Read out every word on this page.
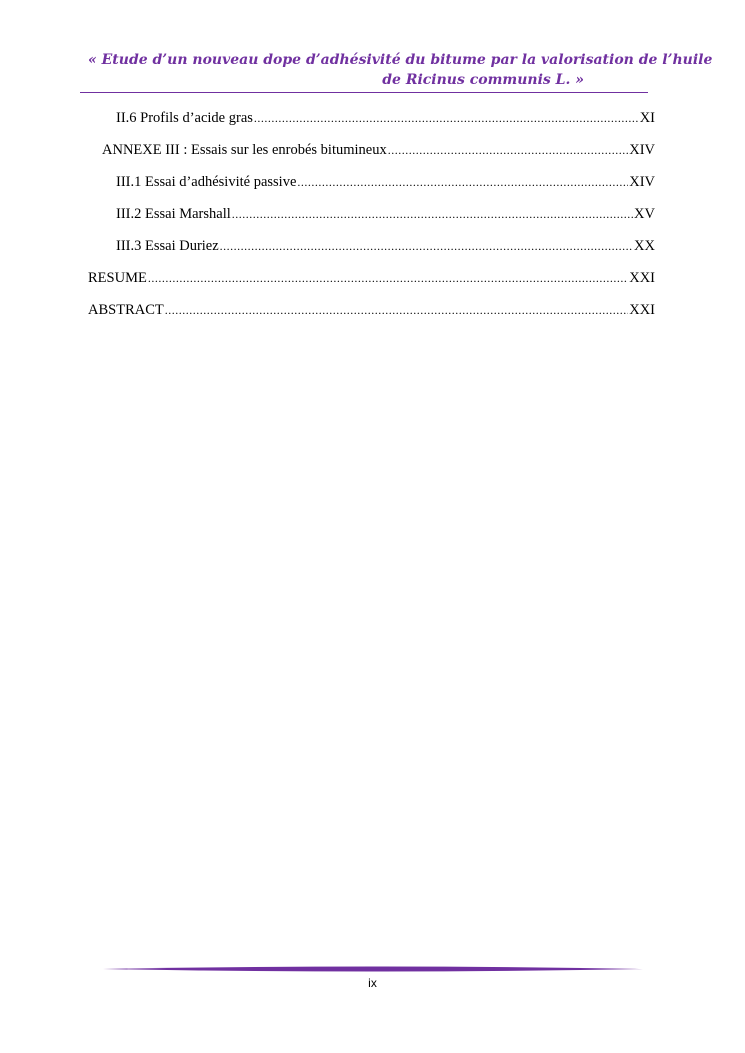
« Etude d’un nouveau dope d’adhésivité du bitume par la valorisation de l’huile
de Ricinus communis L. »
II.6 Profils d’acide gras .....	XI
ANNEXE III : Essais sur les enrobés bitumineux .....	XIV
III.1 Essai d’adhésivité passive .....	XIV
III.2 Essai Marshall .....	XV
III.3 Essai Duriez .....	XX
RESUME .....	XXI
ABSTRACT .....	XXI
ix
